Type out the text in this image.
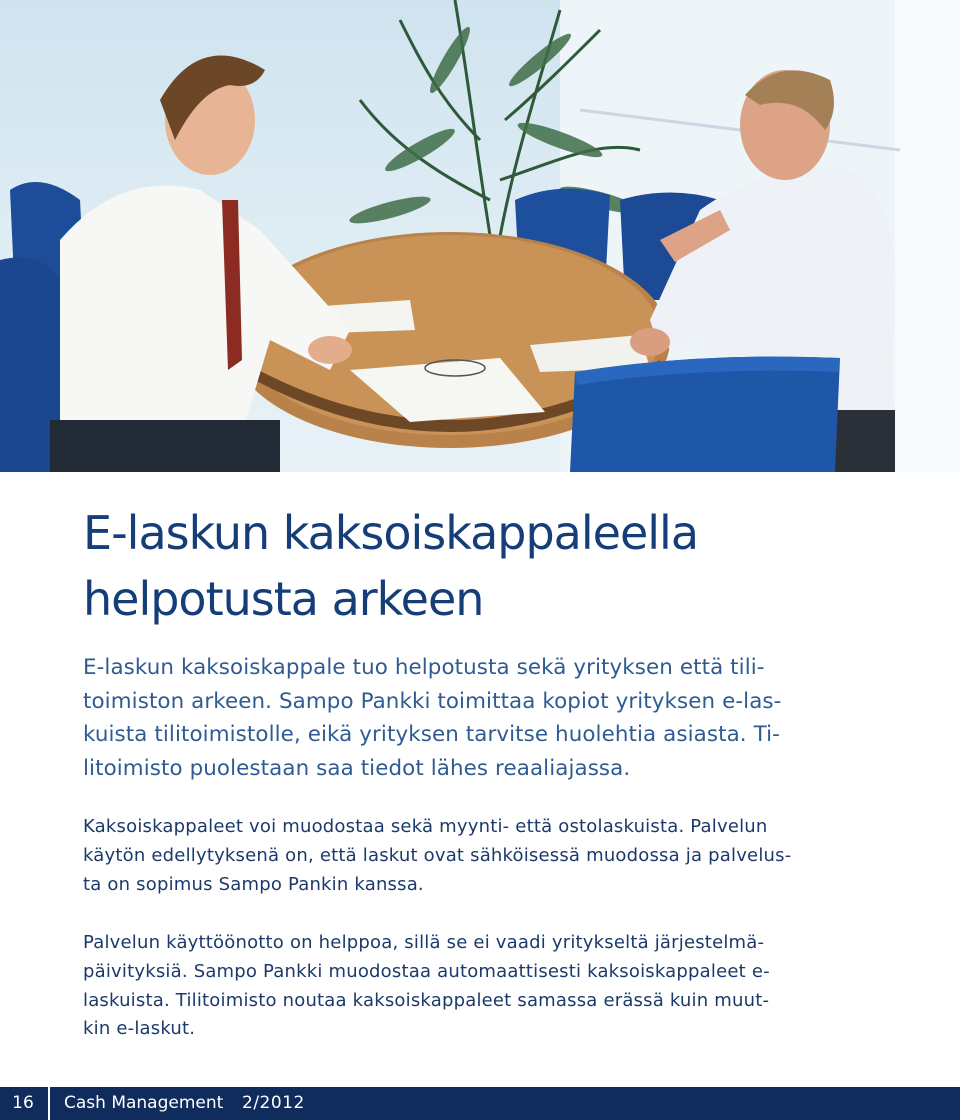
E-laskun kaksoiskappaleella
helpotusta arkeen
E-laskun kaksoiskappale tuo helpotusta sekä yrityksen että tili-
toimiston arkeen. Sampo Pankki toimittaa kopiot yrityksen e-las-
kuista tilitoimistolle, eikä yrityksen tarvitse huolehtia asiasta. Ti-
litoimisto puolestaan saa tiedot lähes reaaliajassa.
Kaksoiskappaleet voi muodostaa sekä myynti- että ostolaskuista. Palvelun
käytön edellytyksenä on, että laskut ovat sähköisessä muodossa ja palvelus-
ta on sopimus Sampo Pankin kanssa.
Palvelun käyttöönotto on helppoa, sillä se ei vaadi yritykseltä järjestelmä-
päivityksiä. Sampo Pankki muodostaa automaattisesti kaksoiskappaleet e-
laskuista. Tilitoimisto noutaa kaksoiskappaleet samassa erässä kuin muut-
kin e-laskut.
16	Cash Management 2/2012
